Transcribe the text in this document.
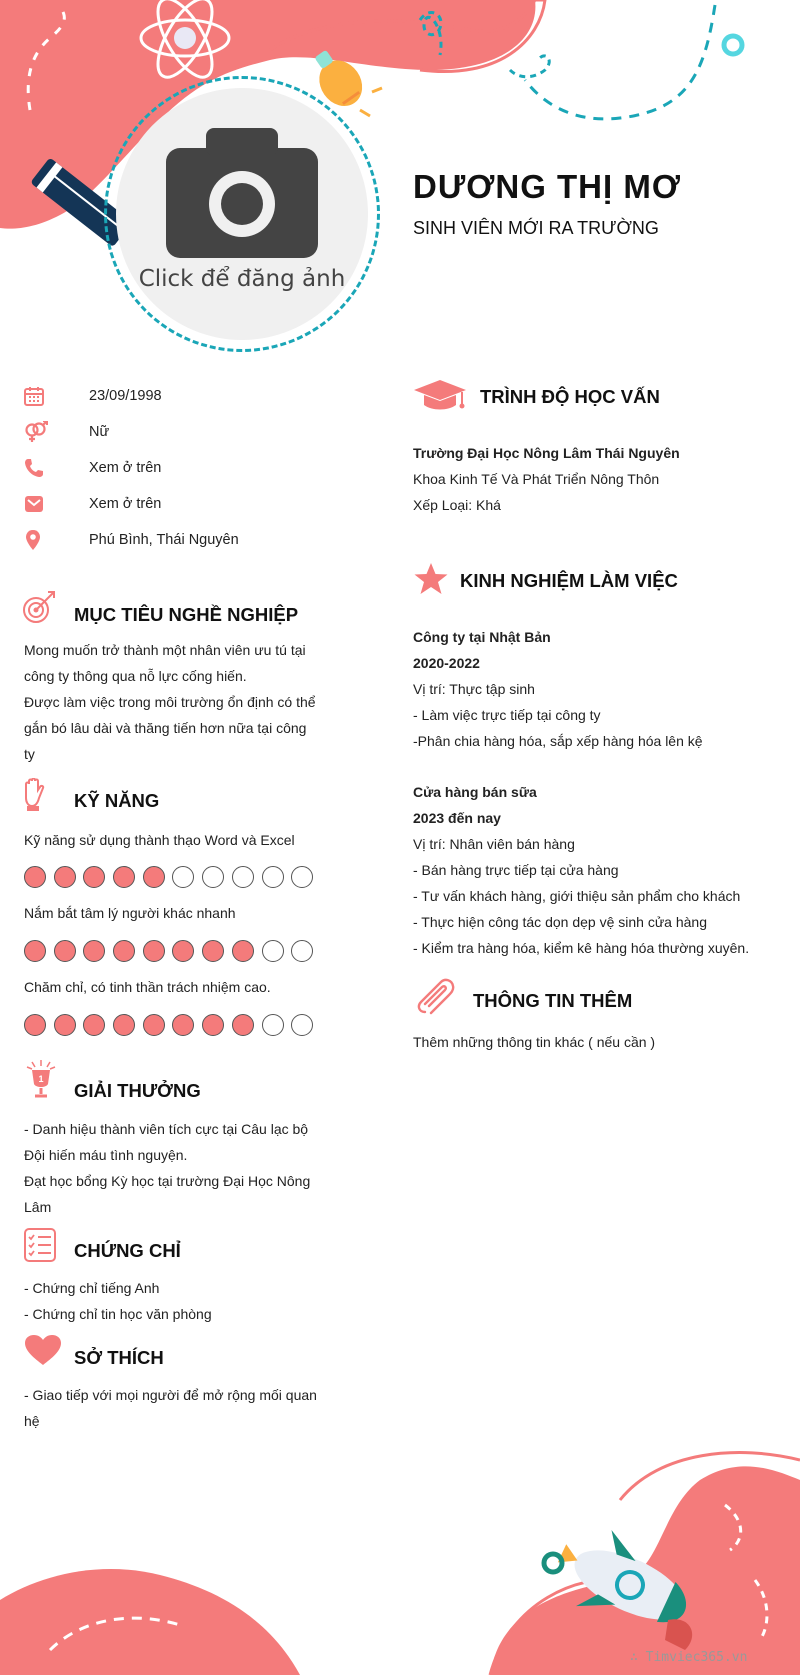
Click để đăng ảnh
DƯƠNG THỊ MƠ
SINH VIÊN MỚI RA TRƯỜNG
23/09/1998
Nữ
Xem ở trên
Xem ở trên
Phú Bình, Thái Nguyên
MỤC TIÊU NGHỀ NGHIỆP
Mong muốn trở thành một nhân viên ưu tú tại
công ty thông qua nỗ lực cống hiến.
Được làm việc trong môi trường ổn định có thể
gắn bó lâu dài và thăng tiến hơn nữa tại công
ty
KỸ NĂNG
Kỹ năng sử dụng thành thạo Word và Excel
Nắm bắt tâm lý người khác nhanh
Chăm chỉ, có tinh thần trách nhiệm cao.
1
GIẢI THƯỞNG
- Danh hiệu thành viên tích cực tại Câu lạc bộ
Đội hiến máu tình nguyện.
Đạt học bổng Kỳ học tại trường Đại Học Nông
Lâm
CHỨNG CHỈ
- Chứng chỉ tiếng Anh
- Chứng chỉ tin học văn phòng
SỞ THÍCH
- Giao tiếp với mọi người để mở rộng mối quan
hệ
TRÌNH ĐỘ HỌC VẤN
Trường Đại Học Nông Lâm Thái Nguyên
Khoa Kinh Tế Và Phát Triển Nông Thôn
Xếp Loại: Khá
KINH NGHIỆM LÀM VIỆC
Công ty tại Nhật Bản
2020-2022
Vị trí: Thực tập sinh
- Làm việc trực tiếp tại công ty
-Phân chia hàng hóa, sắp xếp hàng hóa lên kệ
Cửa hàng bán sữa
2023 đến nay
Vị trí: Nhân viên bán hàng
- Bán hàng trực tiếp tại cửa hàng
- Tư vấn khách hàng, giới thiệu sản phẩm cho khách
- Thực hiện công tác dọn dẹp vệ sinh cửa hàng
- Kiểm tra hàng hóa, kiểm kê hàng hóa thường xuyên.
THÔNG TIN THÊM
Thêm những thông tin khác ( nếu cần )
∴ Timviec365.vn
